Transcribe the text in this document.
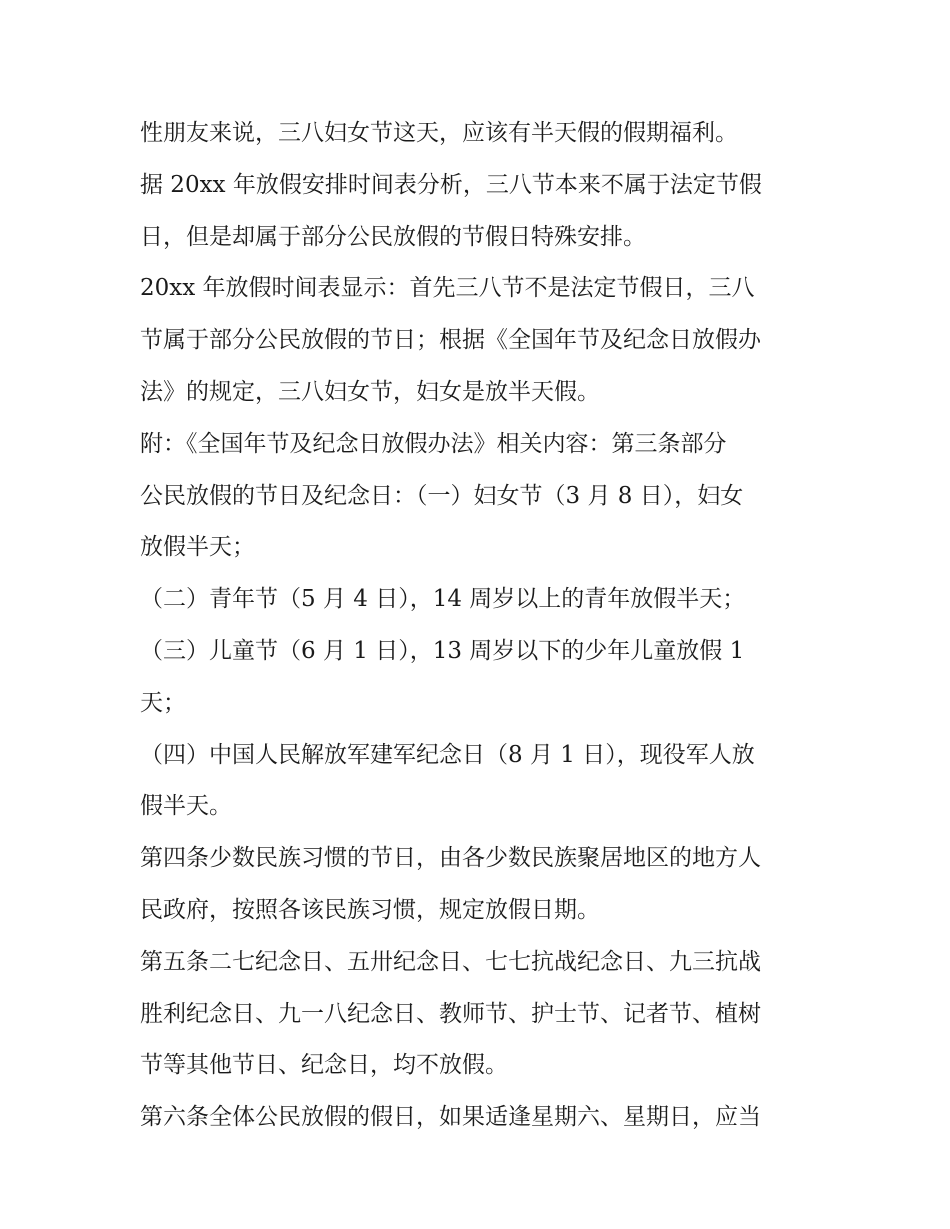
性朋友来说，三八妇女节这天，应该有半天假的假期福利。

据 20xx 年放假安排时间表分析，三八节本来不属于法定节假

日，但是却属于部分公民放假的节假日特殊安排。

20xx 年放假时间表显示：首先三八节不是法定节假日，三八

节属于部分公民放假的节日；根据《全国年节及纪念日放假办

法》的规定，三八妇女节，妇女是放半天假。

附：《全国年节及纪念日放假办法》相关内容：第三条部分

公民放假的节日及纪念日：（一）妇女节（3 月 8 日），妇女

放假半天；

（二）青年节（5 月 4 日），14 周岁以上的青年放假半天；

（三）儿童节（6 月 1 日），13 周岁以下的少年儿童放假 1

天；

（四）中国人民解放军建军纪念日（8 月 1 日），现役军人放

假半天。

第四条少数民族习惯的节日，由各少数民族聚居地区的地方人

民政府，按照各该民族习惯，规定放假日期。

第五条二七纪念日、五卅纪念日、七七抗战纪念日、九三抗战

胜利纪念日、九一八纪念日、教师节、护士节、记者节、植树

节等其他节日、纪念日，均不放假。

第六条全体公民放假的假日，如果适逢星期六、星期日，应当
